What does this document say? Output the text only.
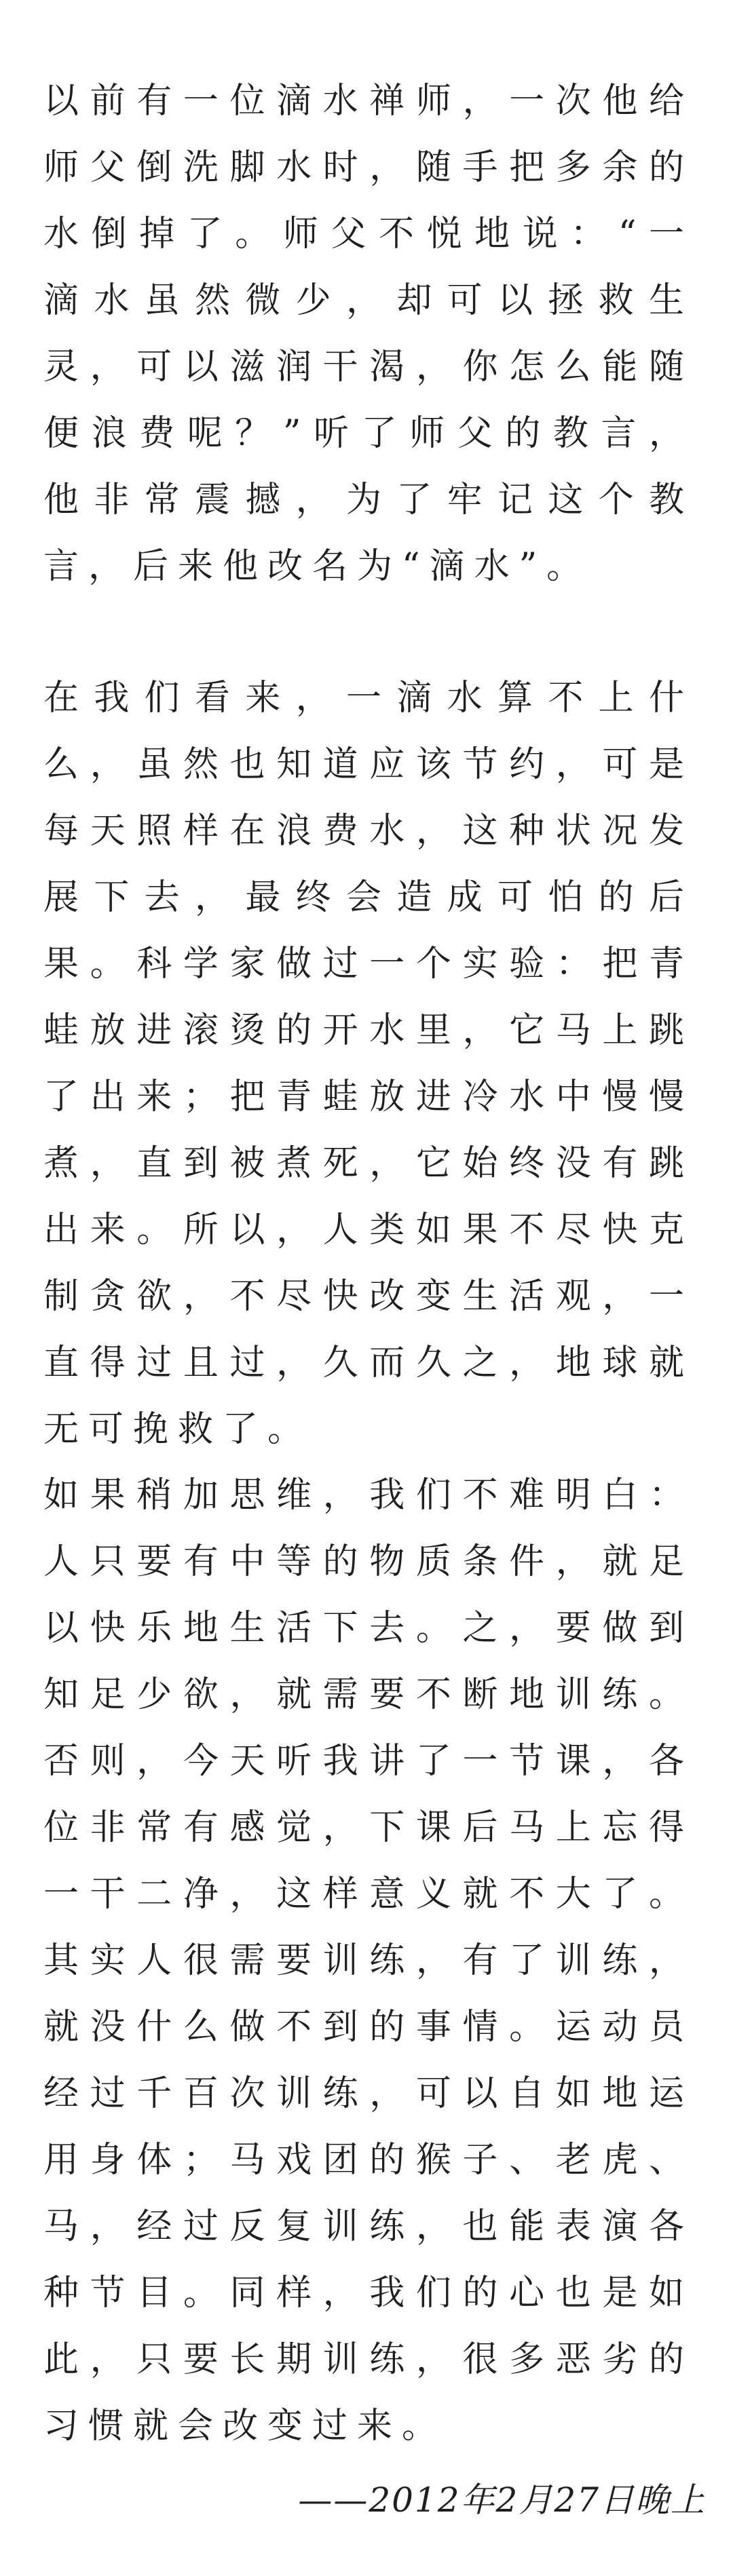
以前有一位滴水禅师，一次他给师父倒洗脚水时，随手把多余的水倒掉了。师父不悦地说：“一滴水虽然微少，却可以拯救生灵，可以滋润干渴，你怎么能随便浪费呢？”听了师父的教言，他非常震撼，为了牢记这个教言，后来他改名为“滴水”。

在我们看来，一滴水算不上什么，虽然也知道应该节约，可是每天照样在浪费水，这种状况发展下去，最终会造成可怕的后果。科学家做过一个实验：把青蛙放进滚烫的开水里，它马上跳了出来；把青蛙放进冷水中慢慢煮，直到被煮死，它始终没有跳出来。所以，人类如果不尽快克制贪欲，不尽快改变生活观，一直得过且过，久而久之，地球就无可挽救了。

如果稍加思维，我们不难明白：人只要有中等的物质条件，就足以快乐地生活下去。之，要做到知足少欲，就需要不断地训练。否则，今天听我讲了一节课，各位非常有感觉，下课后马上忘得一干二净，这样意义就不大了。其实人很需要训练，有了训练，就没什么做不到的事情。运动员经过千百次训练，可以自如地运用身体；马戏团的猴子、老虎、马，经过反复训练，也能表演各种节目。同样，我们的心也是如此，只要长期训练，很多恶劣的习惯就会改变过来。

——2012年2月27日晚上
